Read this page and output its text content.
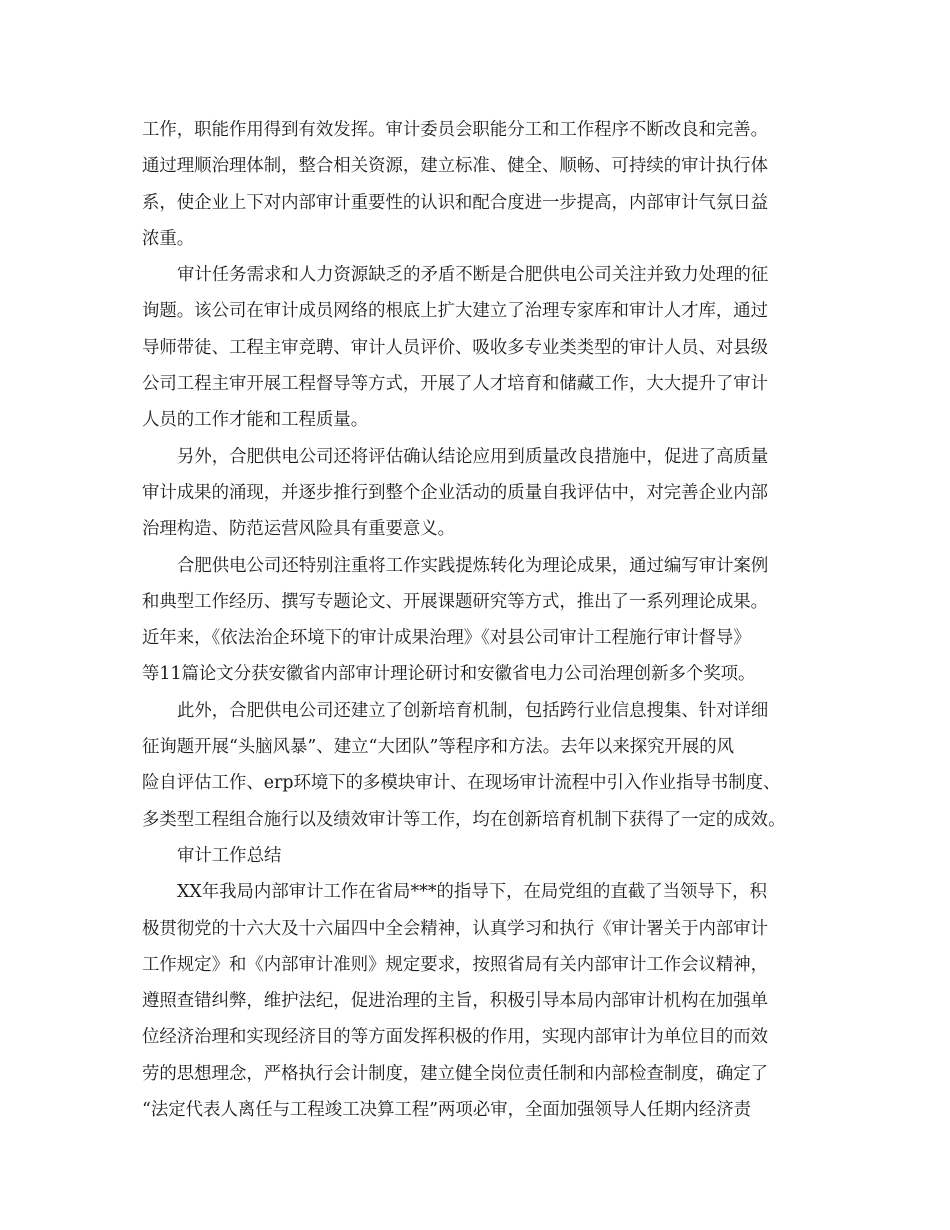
工作，职能作用得到有效发挥。审计委员会职能分工和工作程序不断改良和完善。
通过理顺治理体制，整合相关资源，建立标准、健全、顺畅、可持续的审计执行体
系，使企业上下对内部审计重要性的认识和配合度进一步提高，内部审计气氛日益
浓重。
审计任务需求和人力资源缺乏的矛盾不断是合肥供电公司关注并致力处理的征
询题。该公司在审计成员网络的根底上扩大建立了治理专家库和审计人才库，通过
导师带徒、工程主审竞聘、审计人员评价、吸收多专业类类型的审计人员、对县级
公司工程主审开展工程督导等方式，开展了人才培育和储藏工作，大大提升了审计
人员的工作才能和工程质量。
另外，合肥供电公司还将评估确认结论应用到质量改良措施中，促进了高质量
审计成果的涌现，并逐步推行到整个企业活动的质量自我评估中，对完善企业内部
治理构造、防范运营风险具有重要意义。
合肥供电公司还特别注重将工作实践提炼转化为理论成果，通过编写审计案例
和典型工作经历、撰写专题论文、开展课题研究等方式，推出了一系列理论成果。
近年来，《依法治企环境下的审计成果治理》《对县公司审计工程施行审计督导》
等11篇论文分获安徽省内部审计理论研讨和安徽省电力公司治理创新多个奖项。
此外，合肥供电公司还建立了创新培育机制，包括跨行业信息搜集、针对详细
征询题开展“头脑风暴”、建立“大团队”等程序和方法。去年以来探究开展的风
险自评估工作、erp环境下的多模块审计、在现场审计流程中引入作业指导书制度、
多类型工程组合施行以及绩效审计等工作，均在创新培育机制下获得了一定的成效。
审计工作总结
XX年我局内部审计工作在省局***的指导下，在局党组的直截了当领导下，积
极贯彻党的十六大及十六届四中全会精神，认真学习和执行《审计署关于内部审计
工作规定》和《内部审计准则》规定要求，按照省局有关内部审计工作会议精神，
遵照查错纠弊，维护法纪，促进治理的主旨，积极引导本局内部审计机构在加强单
位经济治理和实现经济目的等方面发挥积极的作用，实现内部审计为单位目的而效
劳的思想理念，严格执行会计制度，建立健全岗位责任制和内部检查制度，确定了
“法定代表人离任与工程竣工决算工程”两项必审，全面加强领导人任期内经济责
